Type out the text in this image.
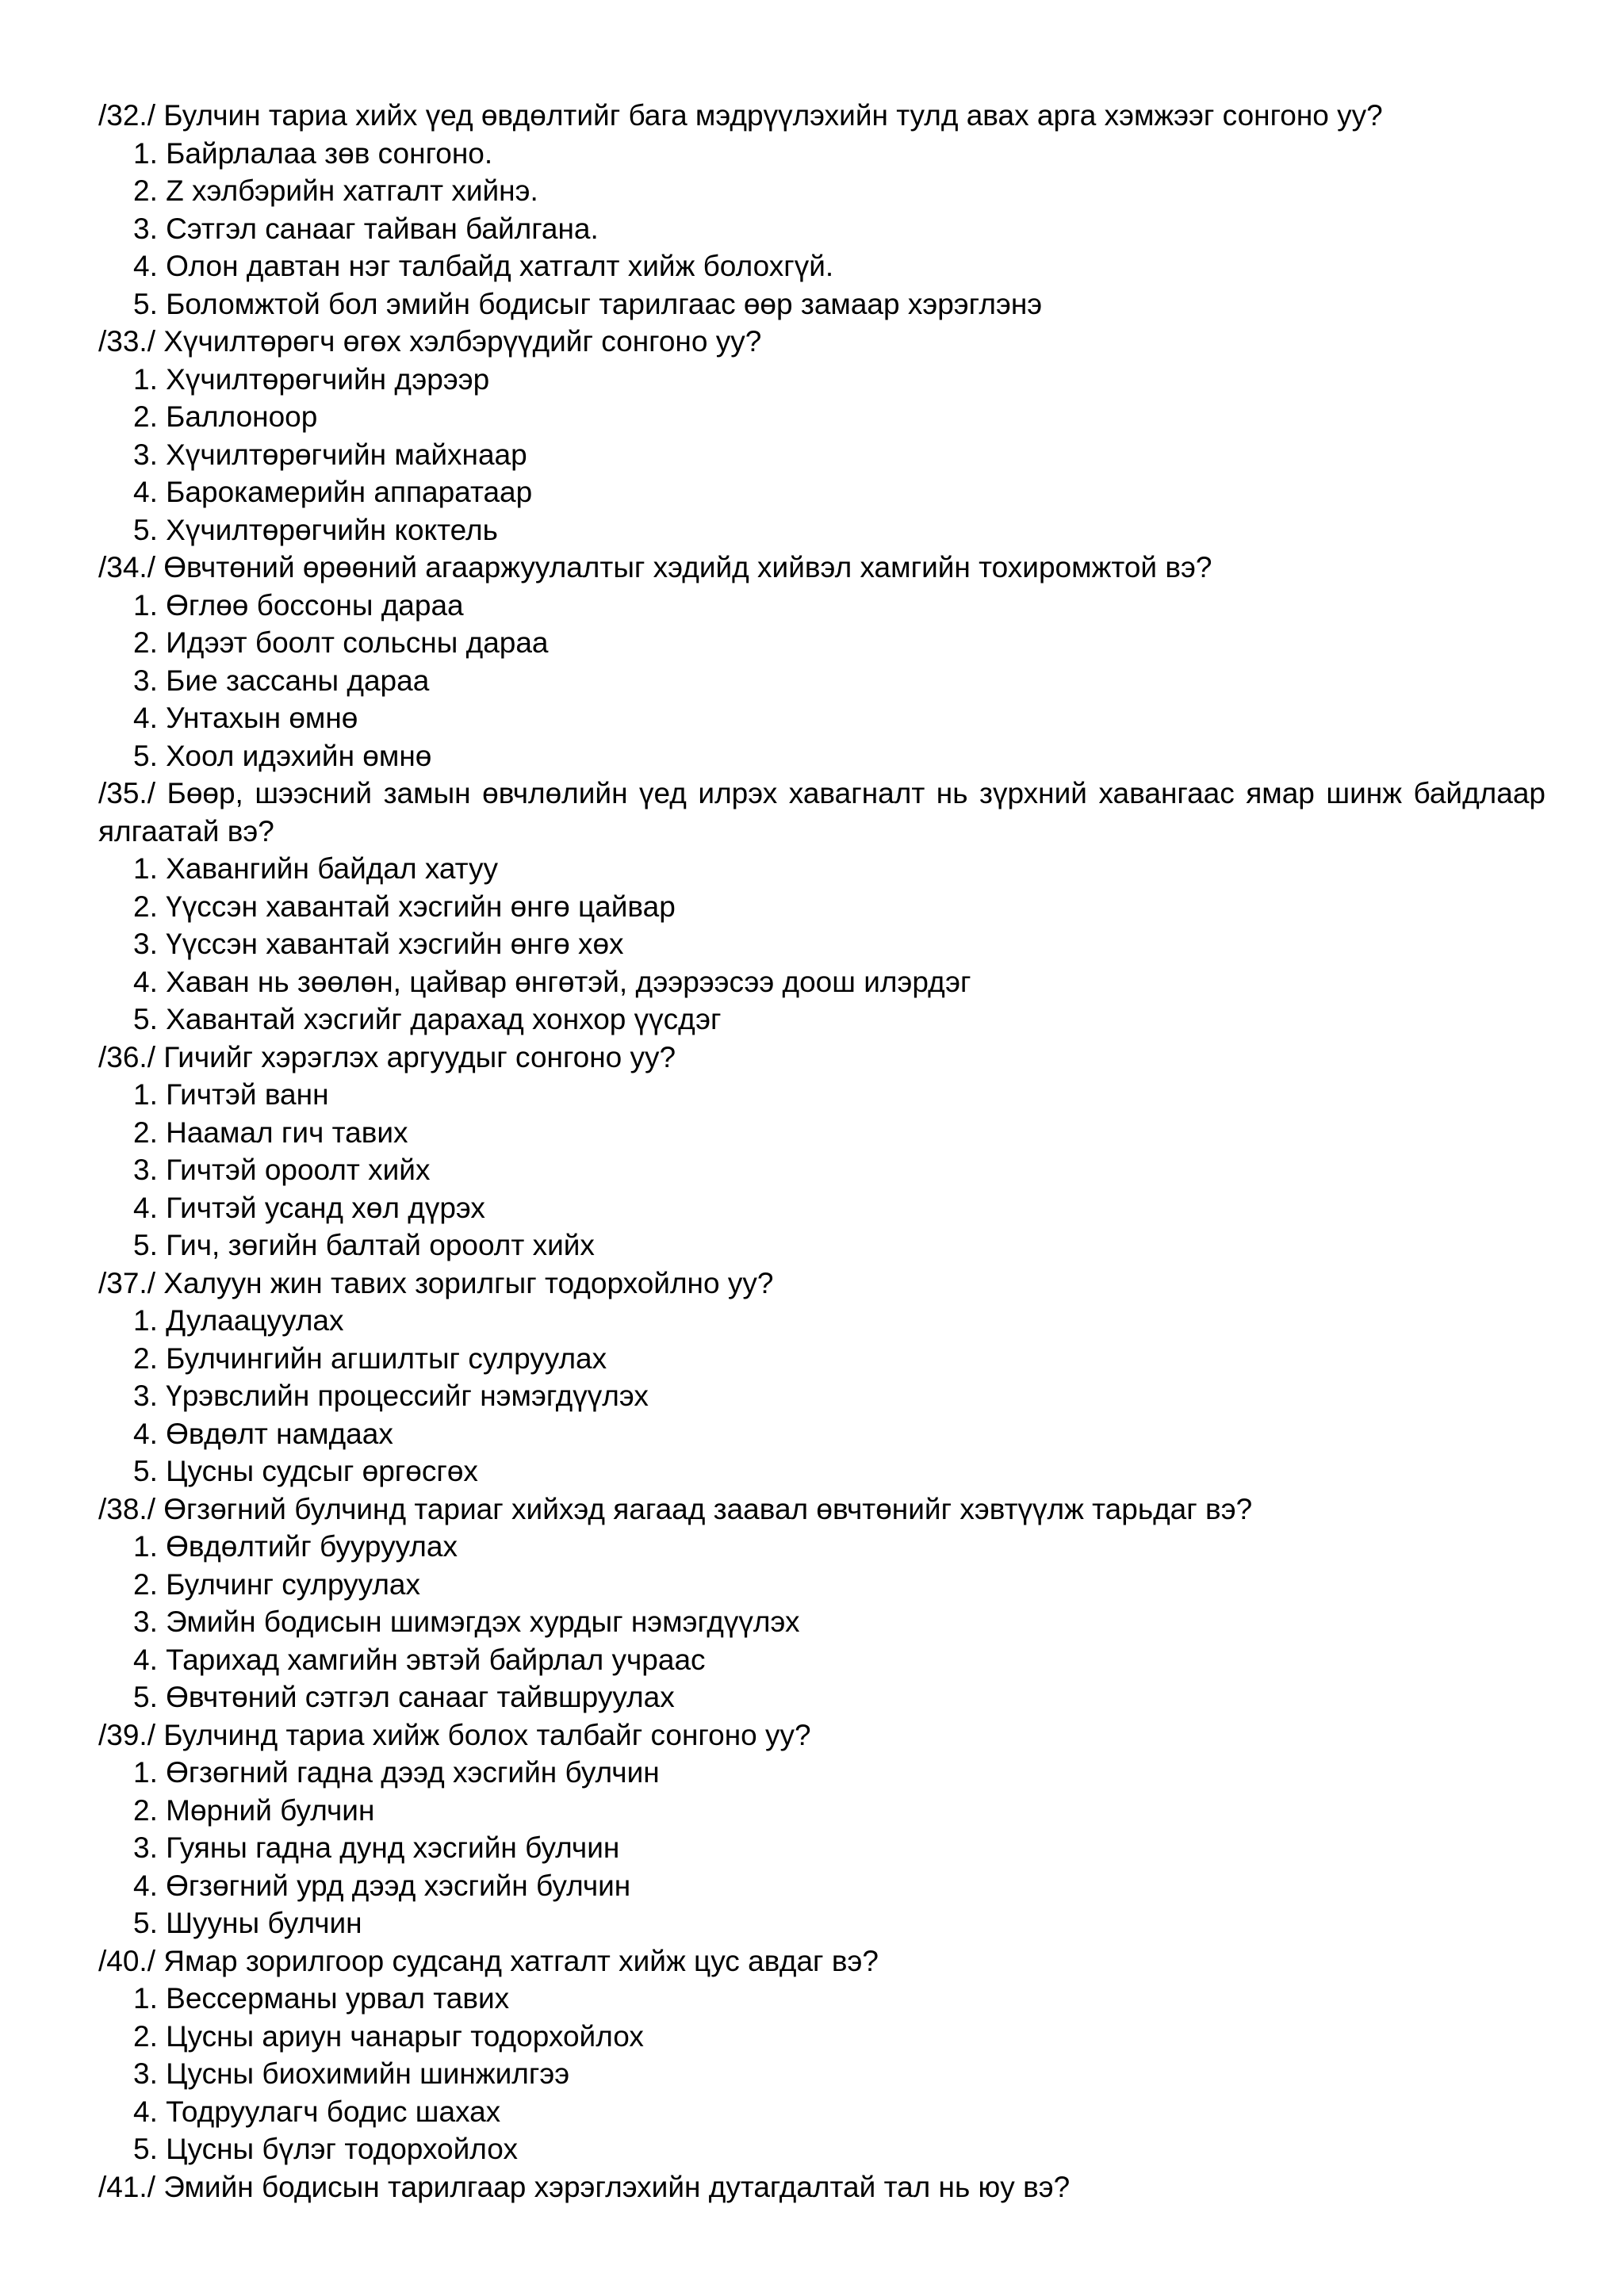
/32./ Булчин тариа хийх үед өвдөлтийг бага мэдрүүлэхийн тулд авах арга хэмжээг сонгоно уу?
1. Байрлалаа зөв сонгоно.
2. Z хэлбэрийн хатгалт хийнэ.
3. Сэтгэл санааг тайван байлгана.
4. Олон давтан нэг талбайд хатгалт хийж болохгүй.
5. Боломжтой бол эмийн бодисыг тарилгаас өөр замаар хэрэглэнэ
/33./ Хүчилтөрөгч өгөх хэлбэрүүдийг сонгоно уу?
1. Хүчилтөрөгчийн дэрээр
2. Баллоноор
3. Хүчилтөрөгчийн майхнаар
4. Барокамерийн аппаратаар
5. Хүчилтөрөгчийн коктель
/34./ Өвчтөний өрөөний агааржуулалтыг хэдийд хийвэл хамгийн тохиромжтой вэ?
1. Өглөө боссоны дараа
2. Идээт боолт сольсны дараа
3. Бие зассаны дараа
4. Унтахын өмнө
5. Хоол идэхийн өмнө
/35./ Бөөр, шээсний замын өвчлөлийн үед илрэх хавагналт нь зүрхний хавангаас ямар шинж байдлаар ялгаатай вэ?
1. Хавангийн байдал хатуу
2. Үүссэн хавантай хэсгийн өнгө цайвар
3. Үүссэн хавантай хэсгийн өнгө хөх
4. Хаван нь зөөлөн, цайвар өнгөтэй, дээрээсээ доош илэрдэг
5. Хавантай хэсгийг дарахад хонхор үүсдэг
/36./ Гичийг хэрэглэх аргуудыг сонгоно уу?
1. Гичтэй ванн
2. Наамал гич тавих
3. Гичтэй ороолт хийх
4. Гичтэй усанд хөл дүрэх
5. Гич, зөгийн балтай ороолт хийх
/37./ Халуун жин тавих зорилгыг тодорхойлно уу?
1. Дулаацуулах
2. Булчингийн агшилтыг сулруулах
3. Үрэвслийн процессийг нэмэгдүүлэх
4. Өвдөлт намдаах
5. Цусны судсыг өргөсгөх
/38./ Өгзөгний булчинд тариаг хийхэд яагаад заавал өвчтөнийг хэвтүүлж тарьдаг вэ?
1. Өвдөлтийг бууруулах
2. Булчинг сулруулах
3. Эмийн бодисын шимэгдэх хурдыг нэмэгдүүлэх
4. Тарихад хамгийн эвтэй байрлал учраас
5. Өвчтөний сэтгэл санааг тайвшруулах
/39./ Булчинд тариа хийж болох талбайг сонгоно уу?
1. Өгзөгний гадна дээд хэсгийн булчин
2. Мөрний булчин
3. Гуяны гадна дунд хэсгийн булчин
4. Өгзөгний урд дээд хэсгийн булчин
5. Шууны булчин
/40./ Ямар зорилгоор судсанд хатгалт хийж цус авдаг вэ?
1. Вессерманы урвал тавих
2. Цусны ариун чанарыг тодорхойлох
3. Цусны биохимийн шинжилгээ
4. Тодруулагч бодис шахах
5. Цусны бүлэг тодорхойлох
/41./ Эмийн бодисын тарилгаар хэрэглэхийн дутагдалтай тал нь юу вэ?
